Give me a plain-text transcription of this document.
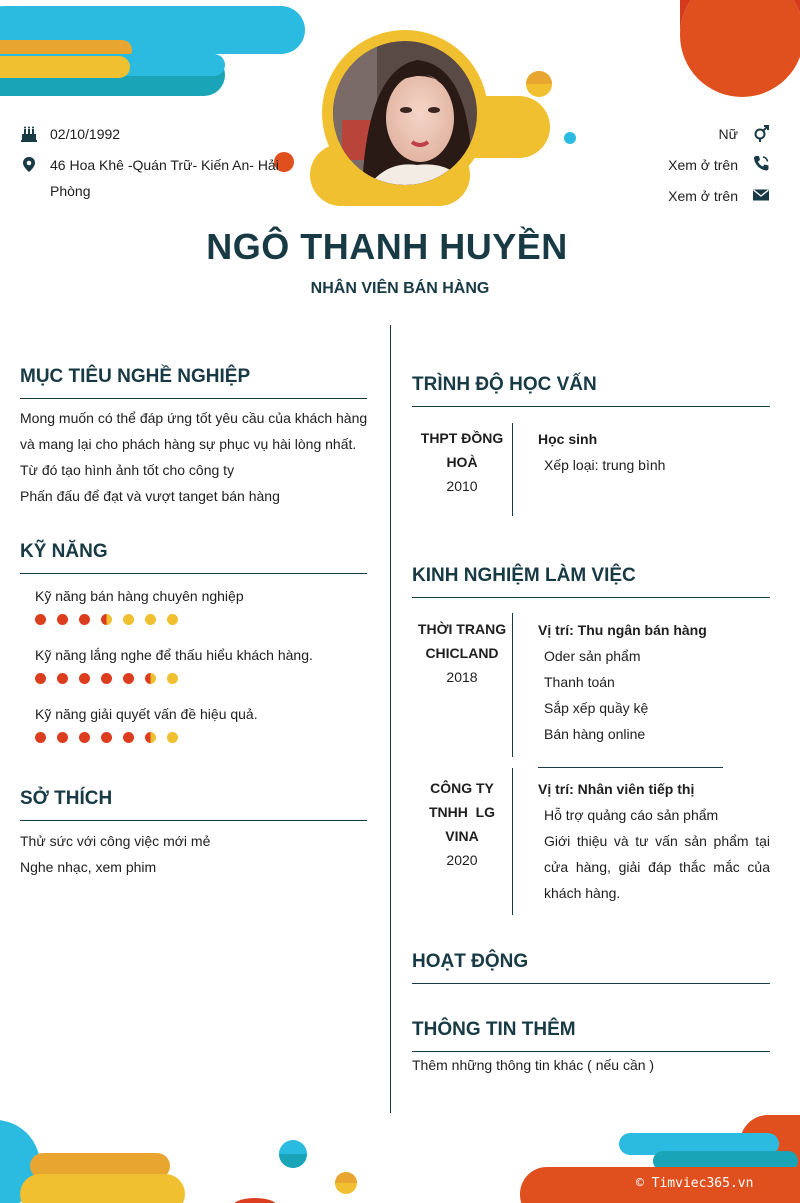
02/10/1992
46 Hoa Khê -Quán Trữ- Kiến An- Hải
Phòng
Nữ
Xem ở trên
Xem ở trên
NGÔ THANH HUYỀN
NHÂN VIÊN BÁN HÀNG
MỤC TIÊU NGHỀ NGHIỆP
Mong muốn có thể đáp ứng tốt yêu cầu của khách hàng
và mang lại cho phách hàng sự phục vụ hài lòng nhất.
Từ đó tạo hình ảnh tốt cho công ty
Phấn đấu để đạt và vượt tanget bán hàng
KỸ NĂNG
Kỹ năng bán hàng chuyên nghiệp
Kỹ năng lắng nghe để thấu hiểu khách hàng.
Kỹ năng giải quyết vấn đề hiệu quả.
SỞ THÍCH
Thử sức với công việc mới mẻ
Nghe nhạc, xem phim
TRÌNH ĐỘ HỌC VẤN
THPT ĐỒNG
HOÀ
2010
Học sinh
Xếp loại: trung bình
KINH NGHIỆM LÀM VIỆC
THỜI TRANG
CHICLAND
2018
Vị trí: Thu ngân bán hàng
Oder sản phẩm
Thanh toán
Sắp xếp quầy kệ
Bán hàng online
CÔNG TY
TNHH  LG
VINA
2020
Vị trí: Nhân viên tiếp thị
Hỗ trợ quảng cáo sản phẩm
Giới thiệu và tư vấn sản phẩm tại
cửa hàng, giải đáp thắc mắc của
khách hàng.
HOẠT ĐỘNG
THÔNG TIN THÊM
Thêm những thông tin khác ( nếu cần )
© Timviec365.vn
